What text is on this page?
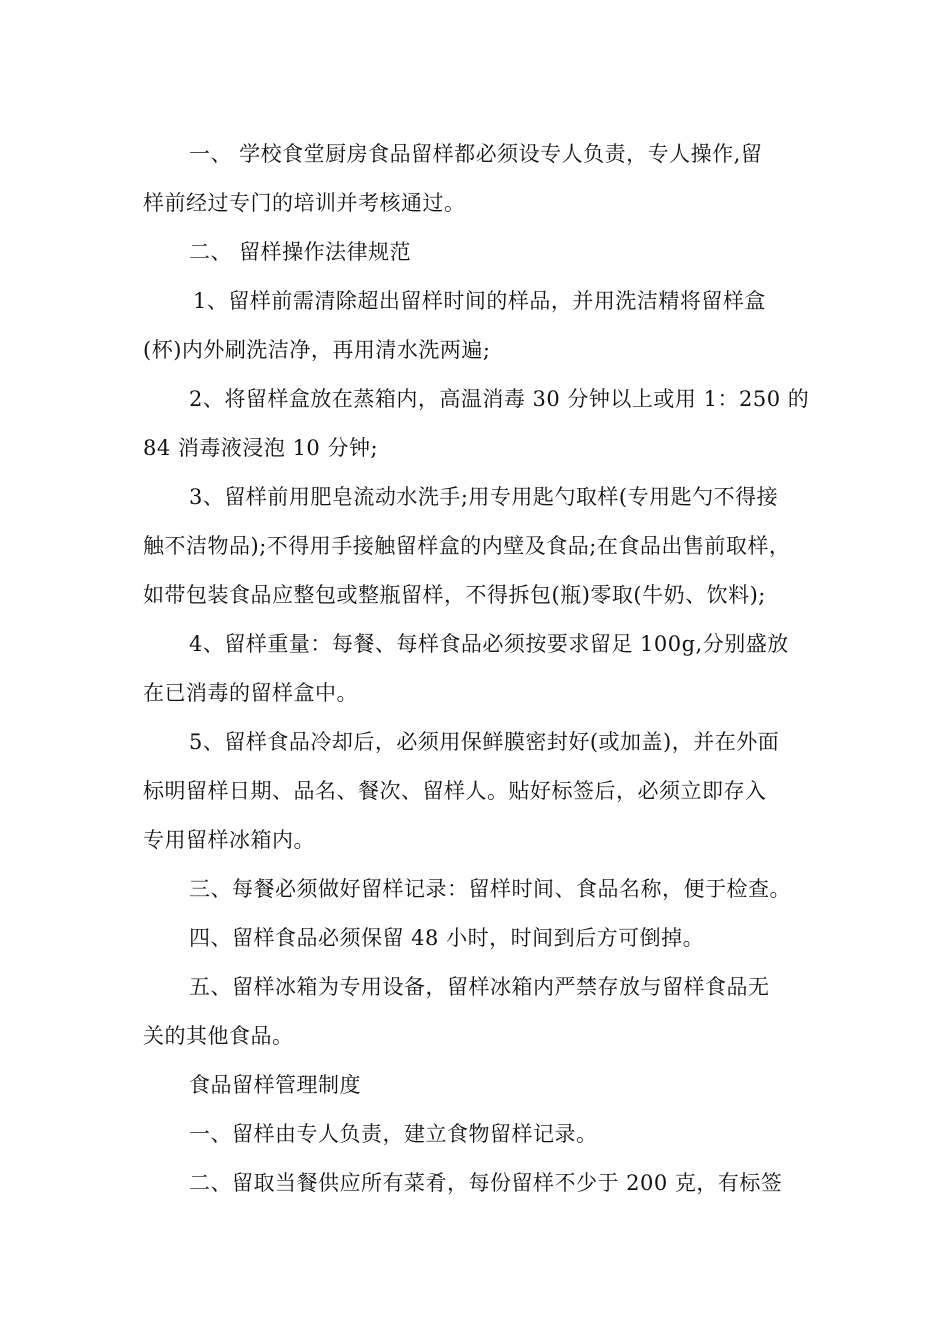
一、 学校食堂厨房食品留样都必须设专人负责，专人操作,留
样前经过专门的培训并考核通过。
二、 留样操作法律规范
1、留样前需清除超出留样时间的样品，并用洗洁精将留样盒
(杯)内外刷洗洁净，再用清水洗两遍;
2、将留样盒放在蒸箱内，高温消毒 30 分钟以上或用 1：250 的
84 消毒液浸泡 10 分钟;
3、留样前用肥皂流动水洗手;用专用匙勺取样(专用匙勺不得接
触不洁物品);不得用手接触留样盒的内壁及食品;在食品出售前取样，
如带包装食品应整包或整瓶留样，不得拆包(瓶)零取(牛奶、饮料);
4、留样重量：每餐、每样食品必须按要求留足 100g,分别盛放
在已消毒的留样盒中。
5、留样食品冷却后，必须用保鲜膜密封好(或加盖)，并在外面
标明留样日期、品名、餐次、留样人。贴好标签后，必须立即存入
专用留样冰箱内。
三、每餐必须做好留样记录：留样时间、食品名称，便于检查。
四、留样食品必须保留 48 小时，时间到后方可倒掉。
五、留样冰箱为专用设备，留样冰箱内严禁存放与留样食品无
关的其他食品。
食品留样管理制度
一、留样由专人负责，建立食物留样记录。
二、留取当餐供应所有菜肴，每份留样不少于 200 克，有标签
